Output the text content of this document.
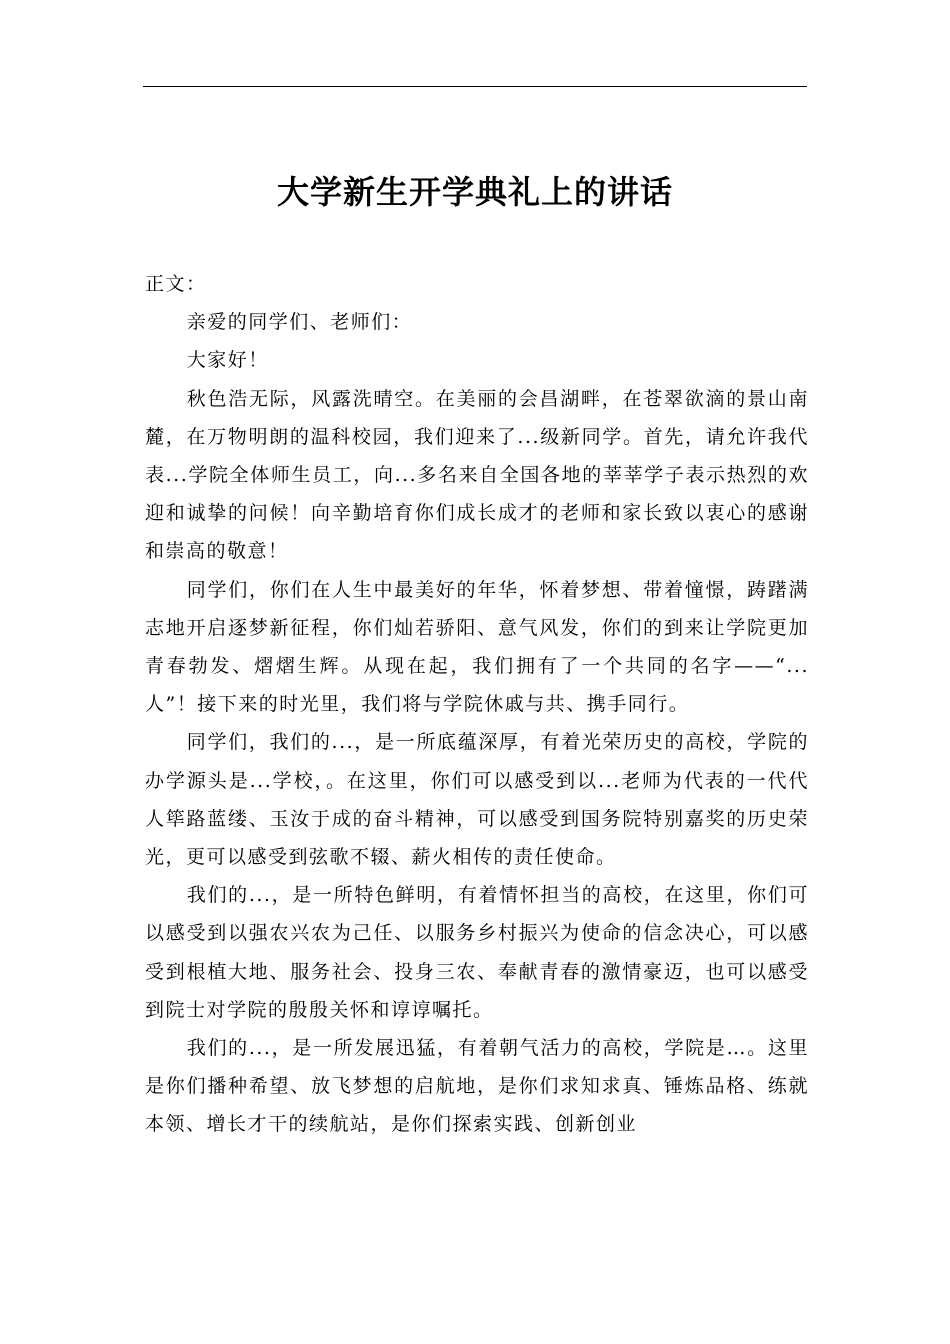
大学新生开学典礼上的讲话

正文：

亲爱的同学们、老师们：

大家好！

秋色浩无际，风露洗晴空。在美丽的会昌湖畔，在苍翠欲滴的景山南麓，在万物明朗的温科校园，我们迎来了...级新同学。首先，请允许我代表...学院全体师生员工，向...多名来自全国各地的莘莘学子表示热烈的欢迎和诚挚的问候！向辛勤培育你们成长成才的老师和家长致以衷心的感谢和崇高的敬意！

同学们，你们在人生中最美好的年华，怀着梦想、带着憧憬，踌躇满志地开启逐梦新征程，你们灿若骄阳、意气风发，你们的到来让学院更加青春勃发、熠熠生辉。从现在起，我们拥有了一个共同的名字——“...人”！接下来的时光里，我们将与学院休戚与共、携手同行。

同学们，我们的...，是一所底蕴深厚，有着光荣历史的高校，学院的办学源头是...学校，。在这里，你们可以感受到以...老师为代表的一代代人筚路蓝缕、玉汝于成的奋斗精神，可以感受到国务院特别嘉奖的历史荣光，更可以感受到弦歌不辍、薪火相传的责任使命。

我们的...，是一所特色鲜明，有着情怀担当的高校，在这里，你们可以感受到以强农兴农为己任、以服务乡村振兴为使命的信念决心，可以感受到根植大地、服务社会、投身三农、奉献青春的激情豪迈，也可以感受到院士对学院的殷殷关怀和谆谆嘱托。

我们的...，是一所发展迅猛，有着朝气活力的高校，学院是…。这里是你们播种希望、放飞梦想的启航地，是你们求知求真、锤炼品格、练就本领、增长才干的续航站，是你们探索实践、创新创业
